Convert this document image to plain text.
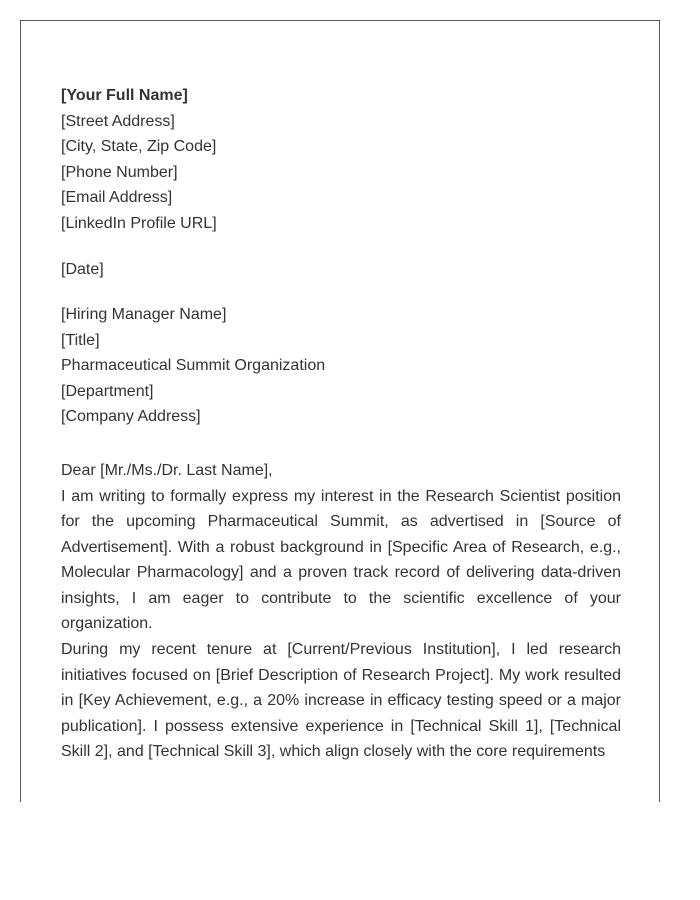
[Your Full Name]
[Street Address]
[City, State, Zip Code]
[Phone Number]
[Email Address]
[LinkedIn Profile URL]
[Date]
[Hiring Manager Name]
[Title]
Pharmaceutical Summit Organization
[Department]
[Company Address]
Dear [Mr./Ms./Dr. Last Name],

I am writing to formally express my interest in the Research Scientist position for the upcoming Pharmaceutical Summit, as advertised in [Source of Advertisement]. With a robust background in [Specific Area of Research, e.g., Molecular Pharmacology] and a proven track record of delivering data-driven insights, I am eager to contribute to the scientific excellence of your organization.

During my recent tenure at [Current/Previous Institution], I led research initiatives focused on [Brief Description of Research Project]. My work resulted in [Key Achievement, e.g., a 20% increase in efficacy testing speed or a major publication]. I possess extensive experience in [Technical Skill 1], [Technical Skill 2], and [Technical Skill 3], which align closely with the core requirements
